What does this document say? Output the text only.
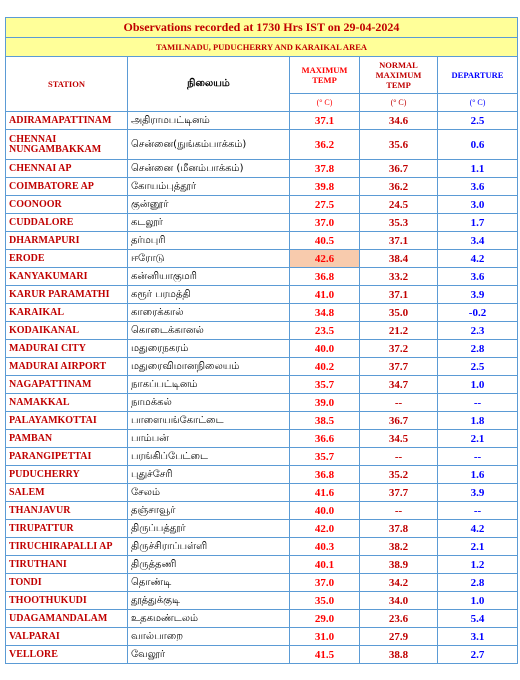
Observations recorded at 1730 Hrs IST on 29-04-2024				
TAMILNADU, PUDUCHERRY AND KARAIKAL AREA				
STATION	நிலையம்	MAXIMUM TEMP	NORMAL MAXIMUM TEMP	DEPARTURE
		(° C)	(° C)	(° C)
ADIRAMAPATTINAM	அதிராமபட்டினம்	37.1	34.6	2.5
CHENNAI NUNGAMBAKKAM	சென்னை(நுங்கம்பாக்கம்)	36.2	35.6	0.6
CHENNAI AP	சென்னை (மீனம்பாக்கம்)	37.8	36.7	1.1
COIMBATORE AP	கோயம்புத்தூர்	39.8	36.2	3.6
COONOOR	குன்னூர்	27.5	24.5	3.0
CUDDALORE	கடலூர்	37.0	35.3	1.7
DHARMAPURI	தர்மபுரி	40.5	37.1	3.4
ERODE	ஈரோடு	42.6	38.4	4.2
KANYAKUMARI	கன்னியாகுமரி	36.8	33.2	3.6
KARUR PARAMATHI	கரூர் பரமத்தி	41.0	37.1	3.9
KARAIKAL	காரைக்கால்	34.8	35.0	-0.2
KODAIKANAL	கொடைக்கானல்	23.5	21.2	2.3
MADURAI CITY	மதுரைநகரம்	40.0	37.2	2.8
MADURAI AIRPORT	மதுரைவிமானநிலையம்	40.2	37.7	2.5
NAGAPATTINAM	நாகப்பட்டினம்	35.7	34.7	1.0
NAMAKKAL	நாமக்கல்	39.0	--	--
PALAYAMKOTTAI	பாளையங்கோட்டை	38.5	36.7	1.8
PAMBAN	பாம்பன்	36.6	34.5	2.1
PARANGIPETTAI	பரங்கிப்பேட்டை	35.7	--	--
PUDUCHERRY	புதுச்சேரி	36.8	35.2	1.6
SALEM	சேலம்	41.6	37.7	3.9
THANJAVUR	தஞ்சாவூர்	40.0	--	--
TIRUPATTUR	திருப்பத்தூர்	42.0	37.8	4.2
TIRUCHIRAPALLI AP	திருச்சிராப்பள்ளி	40.3	38.2	2.1
TIRUTHANI	திருத்தணி	40.1	38.9	1.2
TONDI	தொண்டி	37.0	34.2	2.8
THOOTHUKUDI	தூத்துக்குடி	35.0	34.0	1.0
UDAGAMANDALAM	உதகமண்டலம்	29.0	23.6	5.4
VALPARAI	வால்பாறை	31.0	27.9	3.1
VELLORE	வேலூர்	41.5	38.8	2.7
